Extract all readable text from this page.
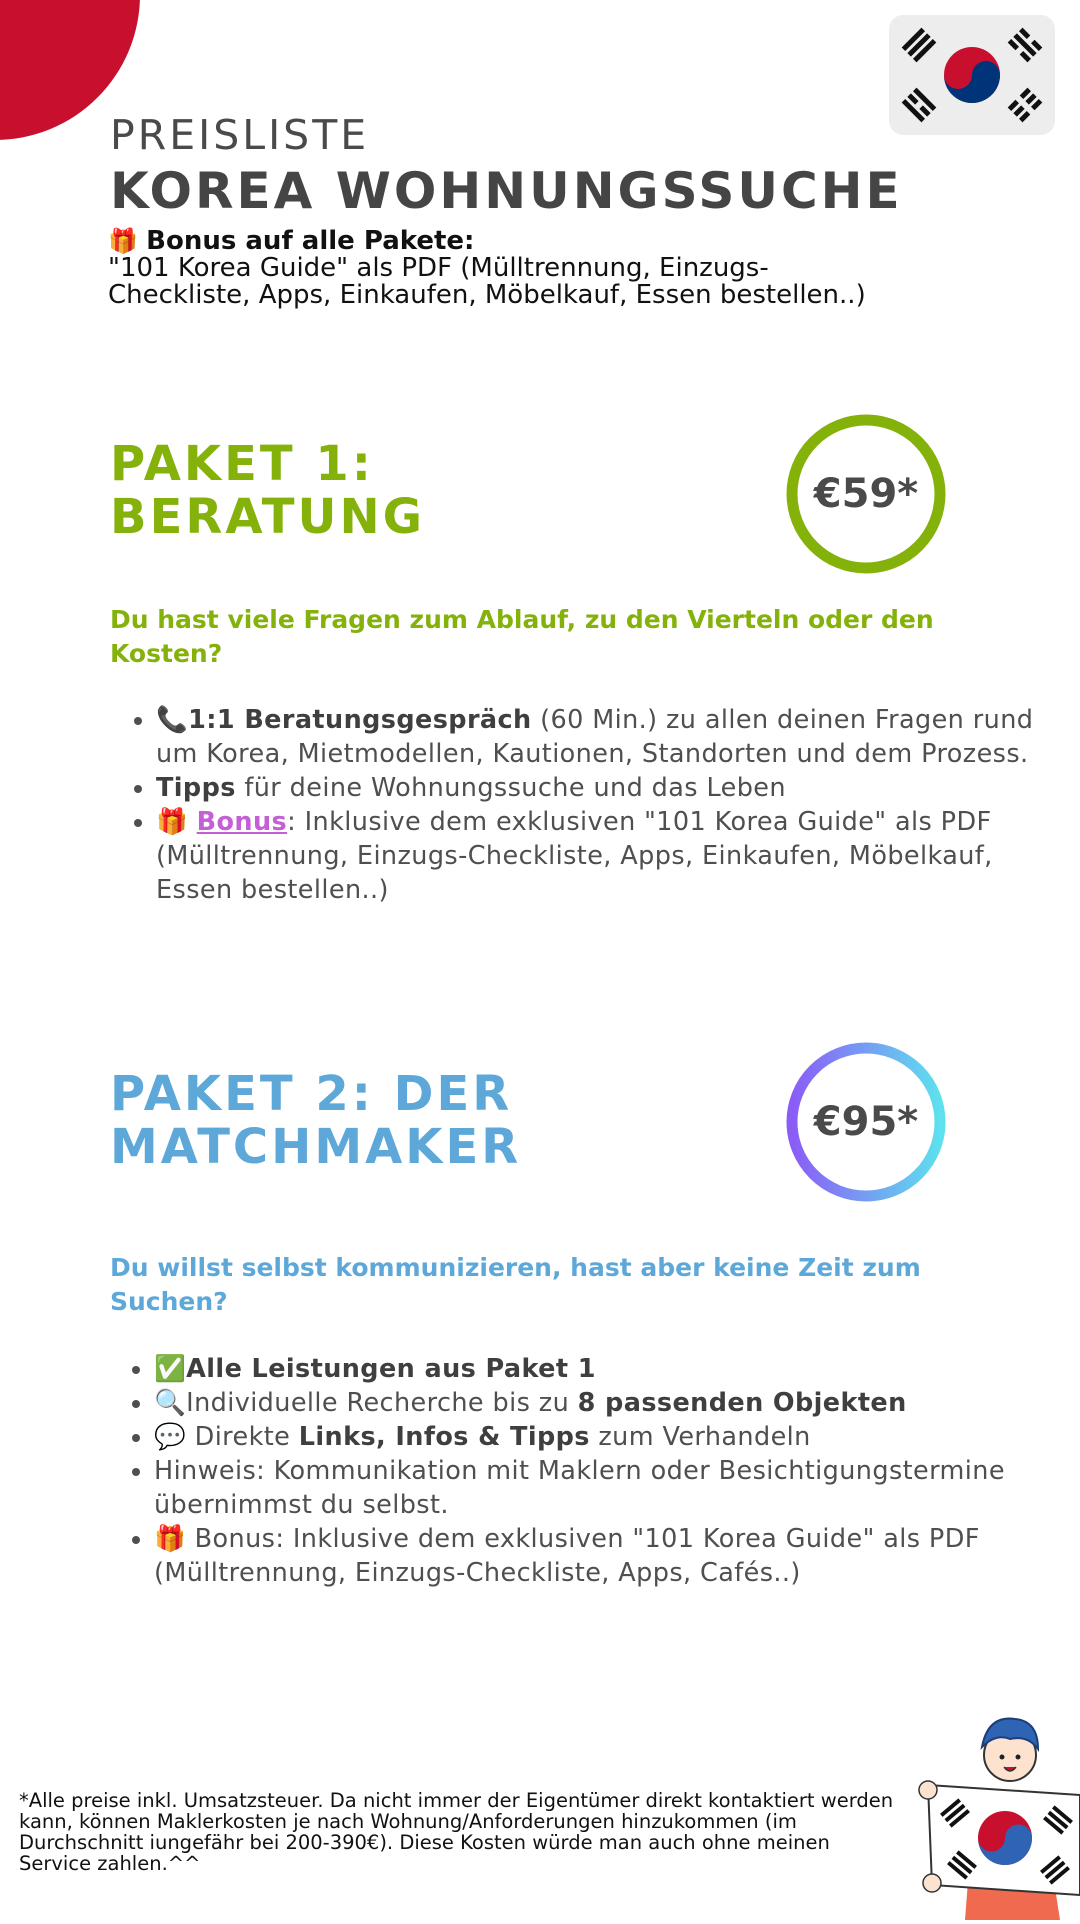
PREISLISTE
KOREA WOHNUNGSSUCHE
🎁 Bonus auf alle Pakete:
"101 Korea Guide" als PDF (Mülltrennung, Einzugs-Checkliste, Apps, Einkaufen, Möbelkauf, Essen bestellen..)
PAKET 1:
BERATUNG	€59*
Du hast viele Fragen zum Ablauf, zu den Vierteln oder den Kosten?
• 📞1:1 Beratungsgespräch (60 Min.) zu allen deinen Fragen rund um Korea, Mietmodellen, Kautionen, Standorten und dem Prozess.
• Tipps für deine Wohnungssuche und das Leben
• 🎁 Bonus: Inklusive dem exklusiven "101 Korea Guide" als PDF (Mülltrennung, Einzugs-Checkliste, Apps, Einkaufen, Möbelkauf, Essen bestellen..)
PAKET 2: DER
MATCHMAKER	€95*
Du willst selbst kommunizieren, hast aber keine Zeit zum Suchen?
• ✅Alle Leistungen aus Paket 1
• 🔍Individuelle Recherche bis zu 8 passenden Objekten
• 💬 Direkte Links, Infos & Tipps zum Verhandeln
• Hinweis: Kommunikation mit Maklern oder Besichtigungstermine übernimmst du selbst.
• 🎁 Bonus: Inklusive dem exklusiven "101 Korea Guide" als PDF (Mülltrennung, Einzugs-Checkliste, Apps, Cafés..)
*Alle preise inkl. Umsatzsteuer. Da nicht immer der Eigentümer direkt kontaktiert werden kann, können Maklerkosten je nach Wohnung/Anforderungen hinzukommen (im Durchschnitt iungefähr bei 200-390€). Diese Kosten würde man auch ohne meinen Service zahlen.^^
